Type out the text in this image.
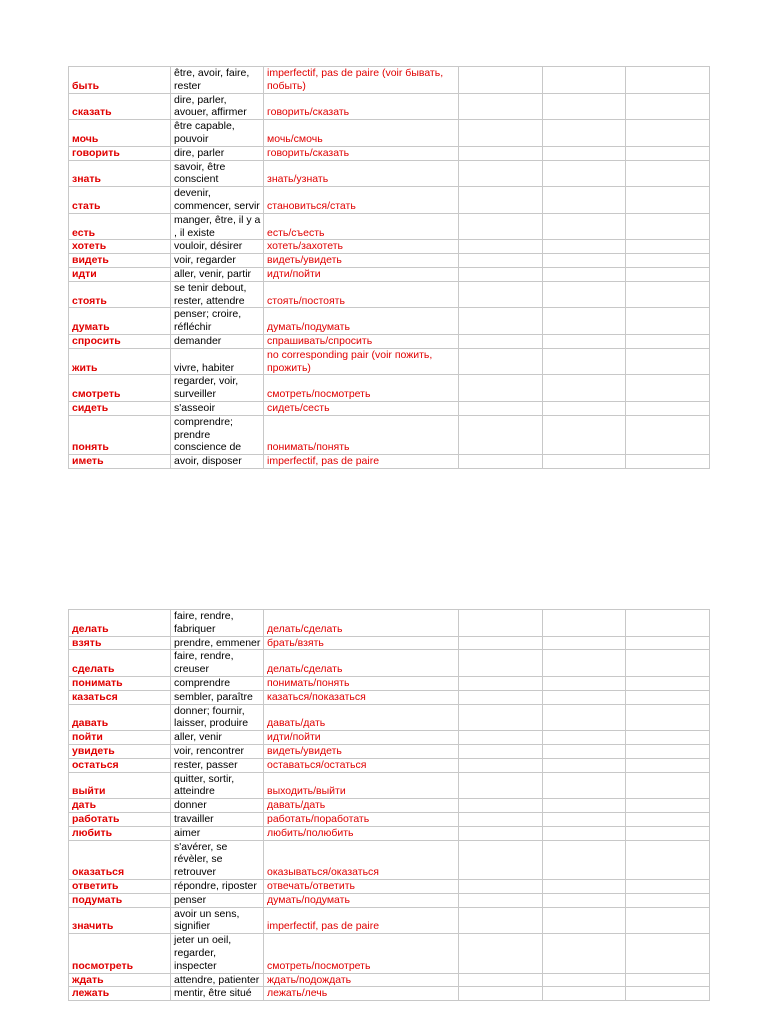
быть	être, avoir, faire, rester	imperfectif, pas de paire (voir бывать, побыть)			
сказать	dire, parler, avouer, affirmer	говорить/сказать			
мочь	être capable, pouvoir	мочь/смочь			
говорить	dire, parler	говорить/сказать			
знать	savoir, être conscient	знать/узнать			
стать	devenir, commencer, servir	становиться/стать			
есть	manger, être, il y a , il existe	есть/съесть			
хотеть	vouloir, désirer	хотеть/захотеть			
видеть	voir, regarder	видеть/увидеть			
идти	aller, venir, partir	идти/пойти			
стоять	se tenir debout, rester, attendre	стоять/постоять			
думать	penser; croire, réfléchir	думать/подумать			
спросить	demander	спрашивать/спросить			
жить	vivre, habiter	no corresponding pair (voir пожить, прожить)			
смотреть	regarder, voir, surveiller	смотреть/посмотреть			
сидеть	s'asseoir	сидеть/сесть			
понять	comprendre; prendre conscience de	понимать/понять			
иметь	avoir, disposer	imperfectif, pas de paire			
делать	faire, rendre, fabriquer	делать/сделать			
взять	prendre, emmener	брать/взять			
сделать	faire, rendre, creuser	делать/сделать			
понимать	comprendre	понимать/понять			
казаться	sembler, paraître	казаться/показаться			
давать	donner; fournir, laisser, produire	давать/дать			
пойти	aller, venir	идти/пойти			
увидеть	voir, rencontrer	видеть/увидеть			
остаться	rester, passer	оставаться/остаться			
выйти	quitter, sortir, atteindre	выходить/выйти			
дать	donner	давать/дать			
работать	travailler	работать/поработать			
любить	aimer	любить/полюбить			
оказаться	s'avérer, se révèler, se retrouver	оказываться/оказаться			
ответить	répondre, riposter	отвечать/ответить			
подумать	penser	думать/подумать			
значить	avoir un sens, signifier	imperfectif, pas de paire			
посмотреть	jeter un oeil, regarder, inspecter	смотреть/посмотреть			
ждать	attendre, patienter	ждать/подождать			
лежать	mentir, être situé	лежать/лечь			
